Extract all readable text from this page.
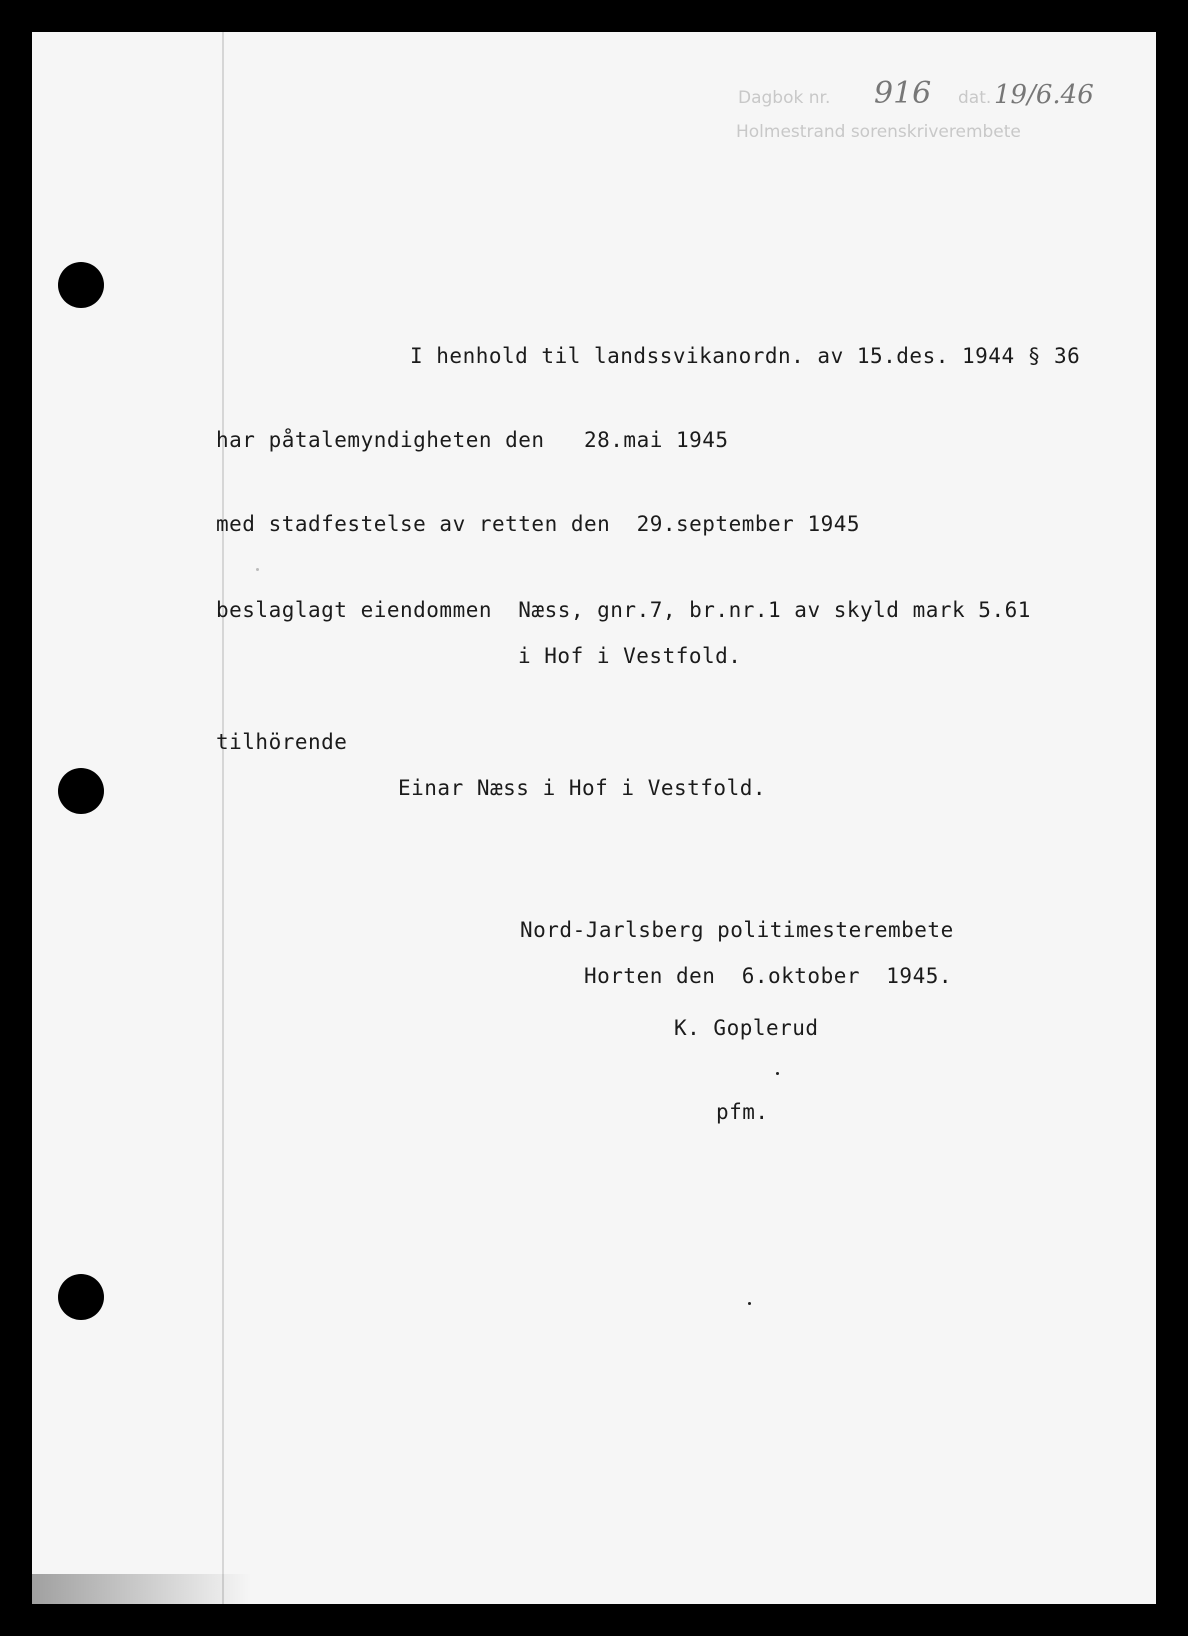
Dagbok nr. 916 dat. 19/6.46
Holmestrand sorenskriverembete
I henhold til landssvikanordn. av 15.des. 1944 § 36
har påtalemyndigheten den   28.mai 1945
med stadfestelse av retten den  29.september 1945
beslaglagt eiendommen  Næss, gnr.7, br.nr.1 av skyld mark 5.61
i Hof i Vestfold.
tilhörende
Einar Næss i Hof i Vestfold.
Nord-Jarlsberg politimesterembete
Horten den  6.oktober  1945.
K. Goplerud
pfm.
